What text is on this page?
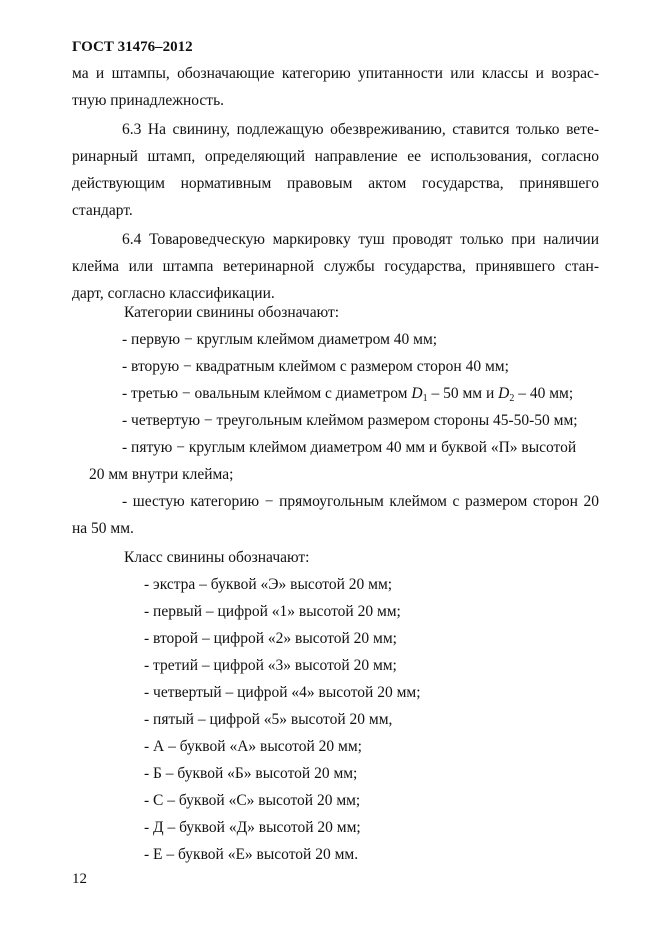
ГОСТ 31476–2012
ма и штампы, обозначающие категорию упитанности или классы и возрас-
тную принадлежность.
6.3 На свинину, подлежащую обезвреживанию, ставится только вете-
ринарный штамп, определяющий направление ее использования, согласно
действующим нормативным правовым актом государства, принявшего
стандарт.
6.4 Товароведческую маркировку туш проводят только при наличии
клейма или штампа ветеринарной службы государства, принявшего стан-
дарт, согласно классификации.
Категории свинины обозначают:
- первую − круглым клеймом диаметром 40 мм;
- вторую − квадратным клеймом с размером сторон 40 мм;
- третью − овальным клеймом с диаметром $D_1 - 50$ мм и $D_2 - 40$ мм;
- четвертую − треугольным клеймом размером стороны 45-50-50 мм;
- пятую − круглым клеймом диаметром 40 мм и буквой «П» высотой
20 мм внутри клейма;
- шестую категорию − прямоугольным клеймом с размером сторон 20
на 50 мм.
Класс свинины обозначают:
- экстра – буквой «Э» высотой 20 мм;
- первый – цифрой «1» высотой 20 мм;
- второй – цифрой «2» высотой 20 мм;
- третий – цифрой «3» высотой 20 мм;
- четвертый – цифрой «4» высотой 20 мм;
- пятый – цифрой «5» высотой 20 мм,
- А – буквой «А» высотой 20 мм;
- Б – буквой «Б» высотой 20 мм;
- С – буквой «С» высотой 20 мм;
- Д – буквой «Д» высотой 20 мм;
- Е – буквой «Е» высотой 20 мм.
12
